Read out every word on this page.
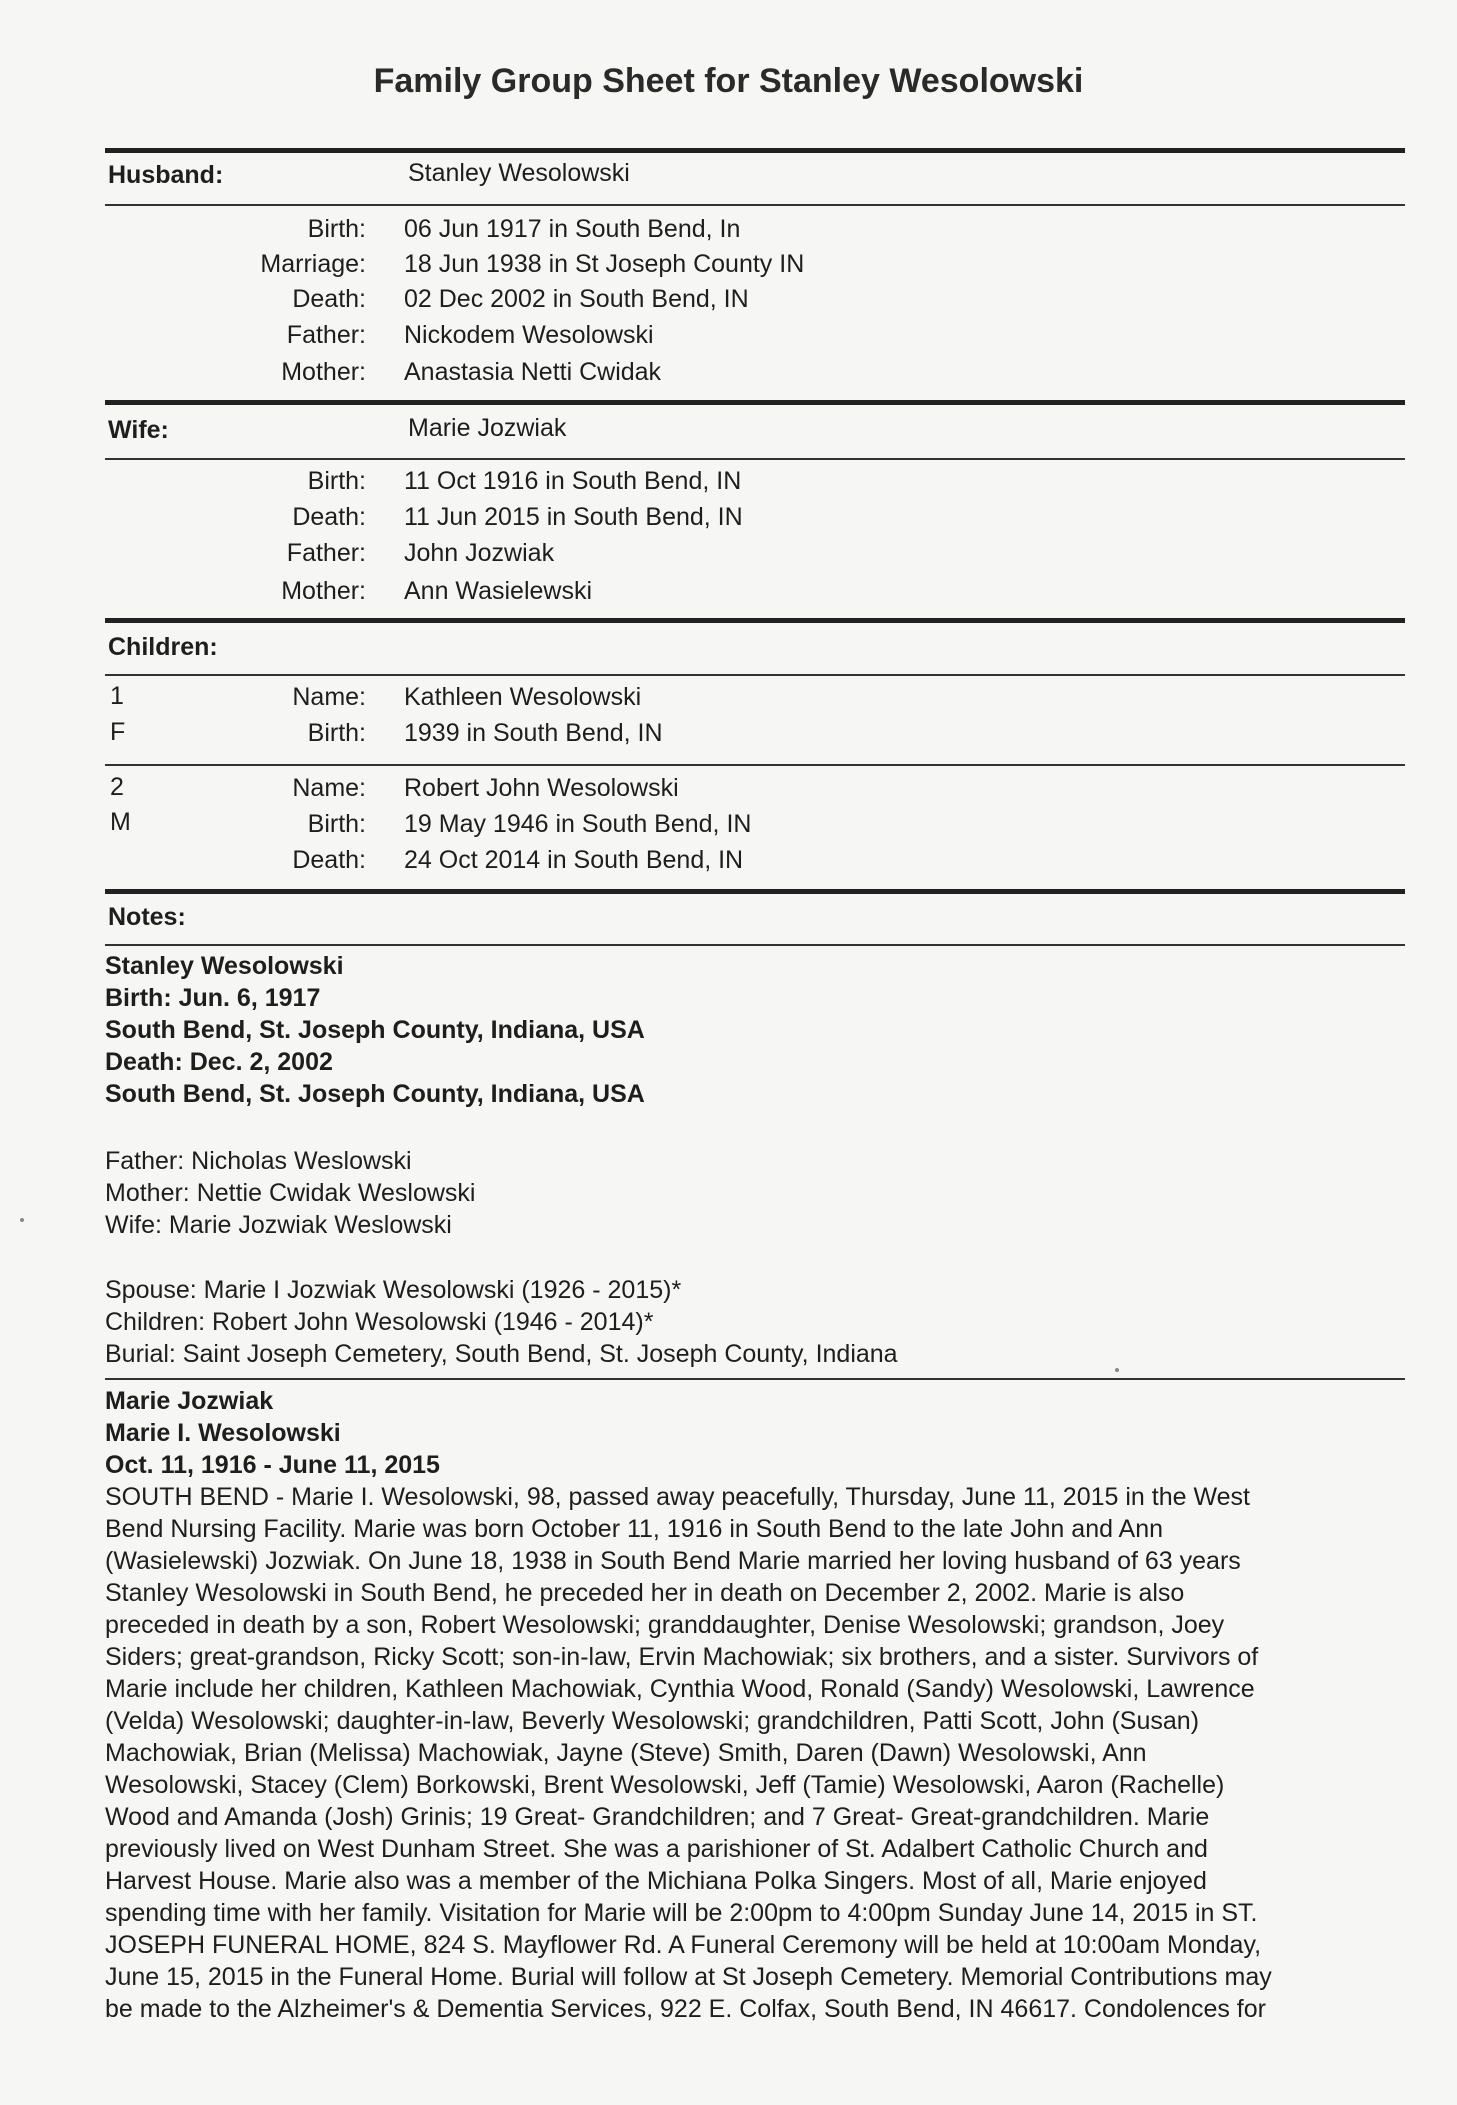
Family Group Sheet for Stanley Wesolowski
Husband:	Stanley Wesolowski
Birth: 06 Jun 1917 in South Bend, In
Marriage: 18 Jun 1938 in St Joseph County IN
Death: 02 Dec 2002 in South Bend, IN
Father: Nickodem Wesolowski
Mother: Anastasia Netti Cwidak
Wife:	Marie Jozwiak
Birth: 11 Oct 1916 in South Bend, IN
Death: 11 Jun 2015 in South Bend, IN
Father: John Jozwiak
Mother: Ann Wasielewski
Children:
1
F
Name: Kathleen Wesolowski
Birth: 1939 in South Bend, IN
2
M
Name: Robert John Wesolowski
Birth: 19 May 1946 in South Bend, IN
Death: 24 Oct 2014 in South Bend, IN
Notes:
Stanley Wesolowski
Birth: Jun. 6, 1917
South Bend, St. Joseph County, Indiana, USA
Death: Dec. 2, 2002
South Bend, St. Joseph County, Indiana, USA
Father: Nicholas Weslowski
Mother: Nettie Cwidak Weslowski
Wife: Marie Jozwiak Weslowski
Spouse: Marie I Jozwiak Wesolowski (1926 - 2015)*
Children: Robert John Wesolowski (1946 - 2014)*
Burial: Saint Joseph Cemetery, South Bend, St. Joseph County, Indiana
Marie Jozwiak
Marie I. Wesolowski
Oct. 11, 1916 - June 11, 2015
SOUTH BEND - Marie I. Wesolowski, 98, passed away peacefully, Thursday, June 11, 2015 in the West
Bend Nursing Facility. Marie was born October 11, 1916 in South Bend to the late John and Ann
(Wasielewski) Jozwiak. On June 18, 1938 in South Bend Marie married her loving husband of 63 years
Stanley Wesolowski in South Bend, he preceded her in death on December 2, 2002. Marie is also
preceded in death by a son, Robert Wesolowski; granddaughter, Denise Wesolowski; grandson, Joey
Siders; great-grandson, Ricky Scott; son-in-law, Ervin Machowiak; six brothers, and a sister. Survivors of
Marie include her children, Kathleen Machowiak, Cynthia Wood, Ronald (Sandy) Wesolowski, Lawrence
(Velda) Wesolowski; daughter-in-law, Beverly Wesolowski; grandchildren, Patti Scott, John (Susan)
Machowiak, Brian (Melissa) Machowiak, Jayne (Steve) Smith, Daren (Dawn) Wesolowski, Ann
Wesolowski, Stacey (Clem) Borkowski, Brent Wesolowski, Jeff (Tamie) Wesolowski, Aaron (Rachelle)
Wood and Amanda (Josh) Grinis; 19 Great- Grandchildren; and 7 Great- Great-grandchildren. Marie
previously lived on West Dunham Street. She was a parishioner of St. Adalbert Catholic Church and
Harvest House. Marie also was a member of the Michiana Polka Singers. Most of all, Marie enjoyed
spending time with her family. Visitation for Marie will be 2:00pm to 4:00pm Sunday June 14, 2015 in ST.
JOSEPH FUNERAL HOME, 824 S. Mayflower Rd. A Funeral Ceremony will be held at 10:00am Monday,
June 15, 2015 in the Funeral Home. Burial will follow at St Joseph Cemetery. Memorial Contributions may
be made to the Alzheimer's & Dementia Services, 922 E. Colfax, South Bend, IN 46617. Condolences for
